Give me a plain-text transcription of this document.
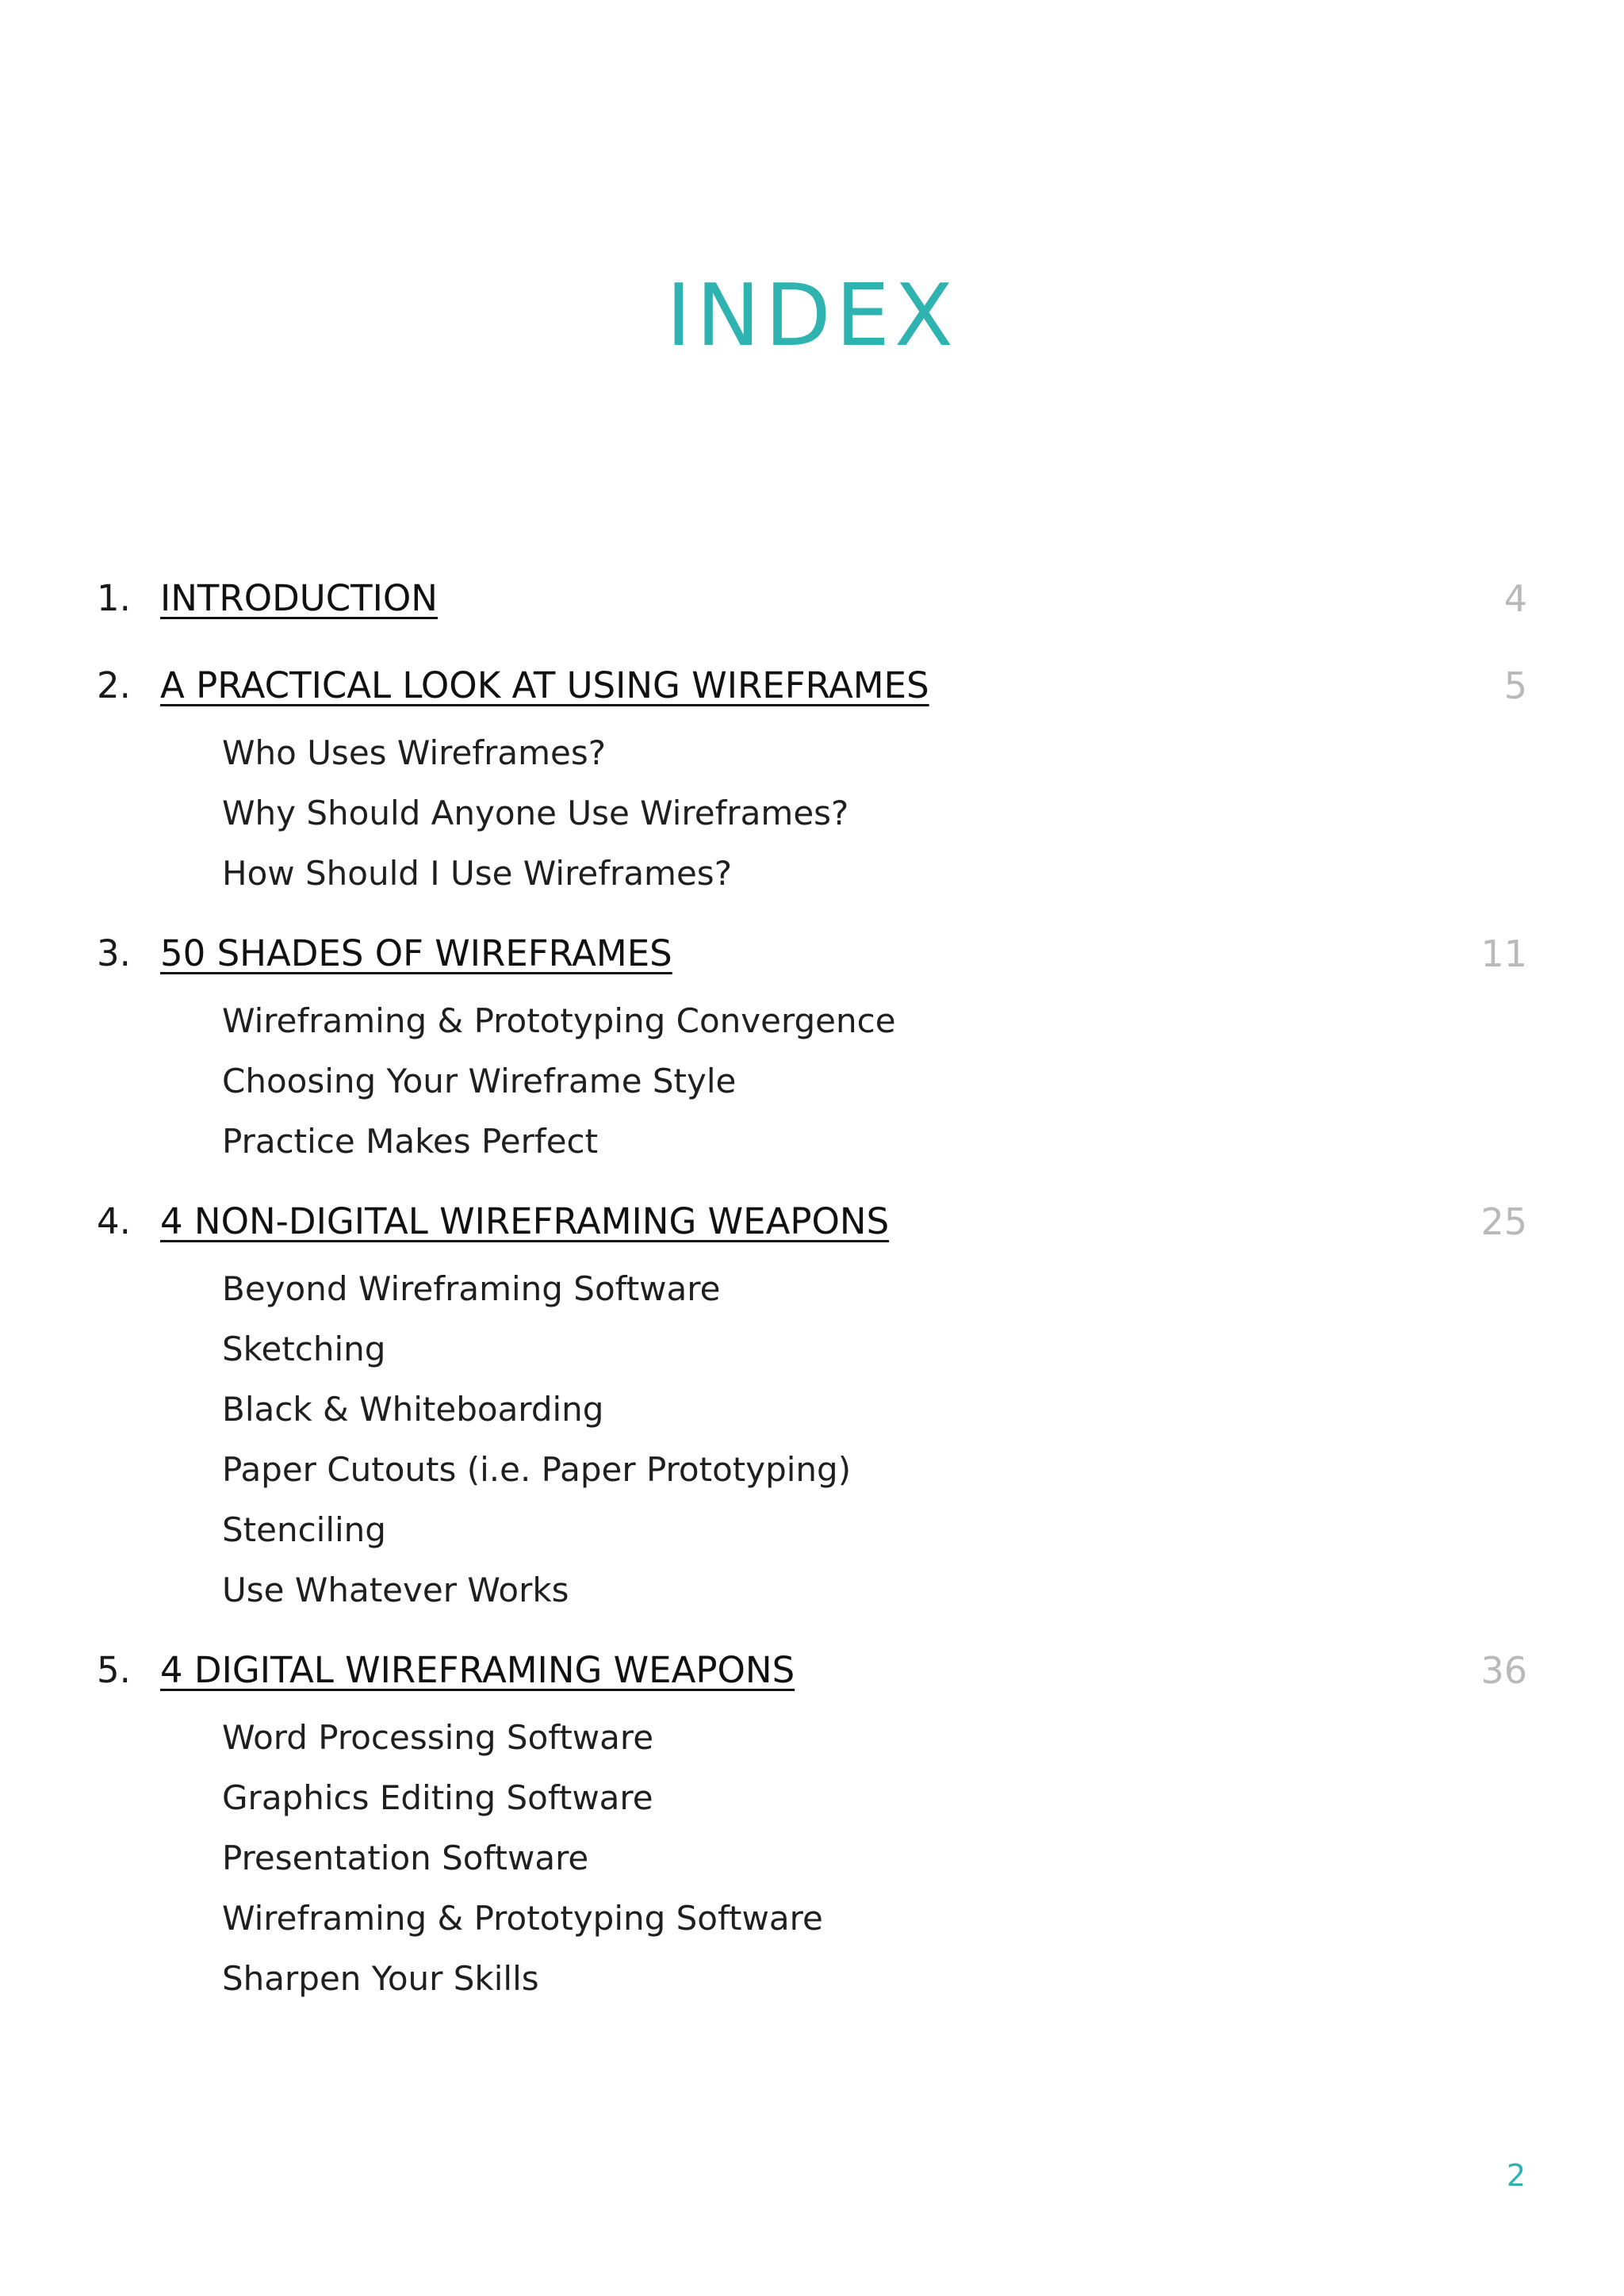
INDEX
1. INTRODUCTION	4
2. A PRACTICAL LOOK AT USING WIREFRAMES	5
Who Uses Wireframes?
Why Should Anyone Use Wireframes?
How Should I Use Wireframes?
3. 50 SHADES OF WIREFRAMES	11
Wireframing & Prototyping Convergence
Choosing Your Wireframe Style
Practice Makes Perfect
4. 4 NON-DIGITAL WIREFRAMING WEAPONS	25
Beyond Wireframing Software
Sketching
Black & Whiteboarding
Paper Cutouts (i.e. Paper Prototyping)
Stenciling
Use Whatever Works
5. 4 DIGITAL WIREFRAMING WEAPONS	36
Word Processing Software
Graphics Editing Software
Presentation Software
Wireframing & Prototyping Software
Sharpen Your Skills
2
